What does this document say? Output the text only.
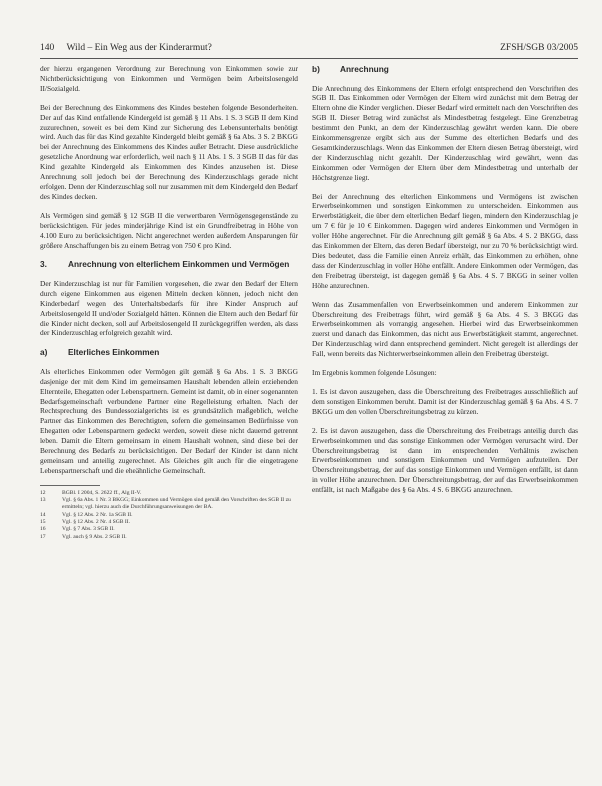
140 Wild – Ein Weg aus der Kinderarmut?	ZFSH/SGB 03/2005

der hierzu ergangenen Verordnung zur Berechnung von Einkommen sowie zur Nichtberücksichtigung von Einkommen und Vermögen beim Arbeitslosengeld II/Sozialgeld.

Bei der Berechnung des Einkommens des Kindes bestehen folgende Besonderheiten. Der auf das Kind entfallende Kindergeld ist gemäß § 11 Abs. 1 S. 3 SGB II dem Kind zuzurechnen, soweit es bei dem Kind zur Sicherung des Lebensunterhalts benötigt wird. Auch das für das Kind gezahlte Kindergeld bleibt gemäß § 6a Abs. 3 S. 2 BKGG bei der Anrechnung des Einkommens des Kindes außer Betracht. Diese ausdrückliche gesetzliche Anordnung war erforderlich, weil nach § 11 Abs. 1 S. 3 SGB II das für das Kind gezahlte Kindergeld als Einkommen des Kindes anzusehen ist. Diese Anrechnung soll jedoch bei der Berechnung des Kinderzuschlags gerade nicht erfolgen. Denn der Kinderzuschlag soll nur zusammen mit dem Kindergeld den Bedarf des Kindes decken.

Als Vermögen sind gemäß § 12 SGB II die verwertbaren Vermögensgegenstände zu berücksichtigen. Für jedes minderjährige Kind ist ein Grundfreibetrag in Höhe von 4.100 Euro zu berücksichtigen. Nicht angerechnet werden außerdem Ansparungen für größere Anschaffungen bis zu einem Betrag von 750 € pro Kind.

3.	Anrechnung von elterlichem Einkommen und Vermögen

Der Kinderzuschlag ist nur für Familien vorgesehen, die zwar den Bedarf der Eltern durch eigene Einkommen aus eigenen Mitteln decken können, jedoch nicht den Kinderbedarf wegen des Unterhaltsbedarfs für ihre Kinder Anspruch auf Arbeitslosengeld II und/oder Sozialgeld hätten. Können die Eltern auch den Bedarf für die Kinder nicht decken, soll auf Arbeitslosengeld II zurückgegriffen werden, als dass der Kinderzuschlag erfolgreich gezahlt wird.

a)	Elterliches Einkommen

Als elterliches Einkommen oder Vermögen gilt gemäß § 6a Abs. 1 S. 3 BKGG dasjenige der mit dem Kind im gemeinsamen Haushalt lebenden allein erziehenden Elternteile, Ehegatten oder Lebenspartnern. Gemeint ist damit, ob in einer sogenannten Bedarfsgemeinschaft verbundene Partner eine Regelleistung erhalten. Nach der Rechtsprechung des Bundessozialgerichts ist es grundsätzlich maßgeblich, welche Partner das Einkommen des Berechtigten, sofern die gemeinsamen Bedürfnisse von Ehegatten oder Lebenspartnern gedeckt werden, soweit diese nicht dauernd getrennt leben. Damit die Eltern gemeinsam in einem Haushalt wohnen, sind diese bei der Berechnung des Bedarfs zu berücksichtigen. Der Bedarf der Kinder ist dann nicht gemeinsam und anteilig zugerechnet. Als Gleiches gilt auch für die eingetragene Lebenspartnerschaft und die eheähnliche Gemeinschaft.

12	BGBl. I 2004, S. 2622 ff., Alg II-V.
13	Vgl. § 6a Abs. 1 Nr. 3 BKGG; Einkommen und Vermögen sind gemäß den Vorschriften des SGB II zu ermitteln; vgl. hierzu auch die Durchführungsanweisungen der BA.
14	Vgl. § 12 Abs. 2 Nr. 1a SGB II.
15	Vgl. § 12 Abs. 2 Nr. 4 SGB II.
16	Vgl. § 7 Abs. 3 SGB II.
17	Vgl. auch § 9 Abs. 2 SGB II.
b)	Anrechnung

Die Anrechnung des Einkommens der Eltern erfolgt entsprechend den Vorschriften des SGB II. Das Einkommen oder Vermögen der Eltern wird zunächst mit dem Betrag der Eltern ohne die Kinder verglichen. Dieser Bedarf wird ermittelt nach den Vorschriften des SGB II. Dieser Betrag wird zunächst als Mindestbetrag festgelegt. Eine Grenzbetrag bestimmt den Punkt, an dem der Kinderzuschlag gewährt werden kann. Die obere Einkommensgrenze ergibt sich aus der Summe des elterlichen Bedarfs und des Gesamtkinderzuschlags. Wenn das Einkommen der Eltern diesen Betrag übersteigt, wird der Kinderzuschlag nicht gezahlt. Der Kinderzuschlag wird gewährt, wenn das Einkommen oder Vermögen der Eltern über dem Mindestbetrag und unterhalb der Höchstgrenze liegt.

Bei der Anrechnung des elterlichen Einkommens und Vermögens ist zwischen Erwerbseinkommen und sonstigen Einkommen zu unterscheiden. Einkommen aus Erwerbstätigkeit, die über dem elterlichen Bedarf liegen, mindern den Kinderzuschlag je um 7 € für je 10 € Einkommen. Dagegen wird anderes Einkommen und Vermögen in voller Höhe angerechnet. Für die Anrechnung gilt gemäß § 6a Abs. 4 S. 2 BKGG, dass das Einkommen der Eltern, das deren Bedarf übersteigt, nur zu 70 % berücksichtigt wird. Dies bedeutet, dass die Familie einen Anreiz erhält, das Einkommen zu erhöhen, ohne dass der Kinderzuschlag in voller Höhe entfällt. Andere Einkommen oder Vermögen, das den Freibetrag übersteigt, ist dagegen gemäß § 6a Abs. 4 S. 7 BKGG in seiner vollen Höhe anzurechnen.

Wenn das Zusammenfallen von Erwerbseinkommen und anderem Einkommen zur Überschreitung des Freibetrags führt, wird gemäß § 6a Abs. 4 S. 3 BKGG das Erwerbseinkommen als vorrangig angesehen. Hierbei wird das Erwerbseinkommen zuerst und danach das Einkommen, das nicht aus Erwerbstätigkeit stammt, angerechnet. Der Kinderzuschlag wird dann entsprechend gemindert. Nicht geregelt ist allerdings der Fall, wenn bereits das Nichterwerbseinkommen allein den Freibetrag übersteigt.

Im Ergebnis kommen folgende Lösungen:

1. Es ist davon auszugehen, dass die Überschreitung des Freibetrages ausschließlich auf dem sonstigen Einkommen beruht. Damit ist der Kinderzuschlag gemäß § 6a Abs. 4 S. 7 BKGG um den vollen Überschreitungsbetrag zu kürzen.

2. Es ist davon auszugehen, dass die Überschreitung des Freibetrags anteilig durch das Erwerbseinkommen und das sonstige Einkommen oder Vermögen verursacht wird. Der Überschreitungsbetrag ist dann im entsprechenden Verhältnis zwischen Erwerbseinkommen und sonstigem Einkommen und Vermögen aufzuteilen. Der Überschreitungsbetrag, der auf das sonstige Einkommen und Vermögen entfällt, ist dann in voller Höhe anzurechnen. Der Überschreitungsbetrag, der auf das Erwerbseinkommen entfällt, ist nach Maßgabe des § 6a Abs. 4 S. 6 BKGG anzurechnen.
